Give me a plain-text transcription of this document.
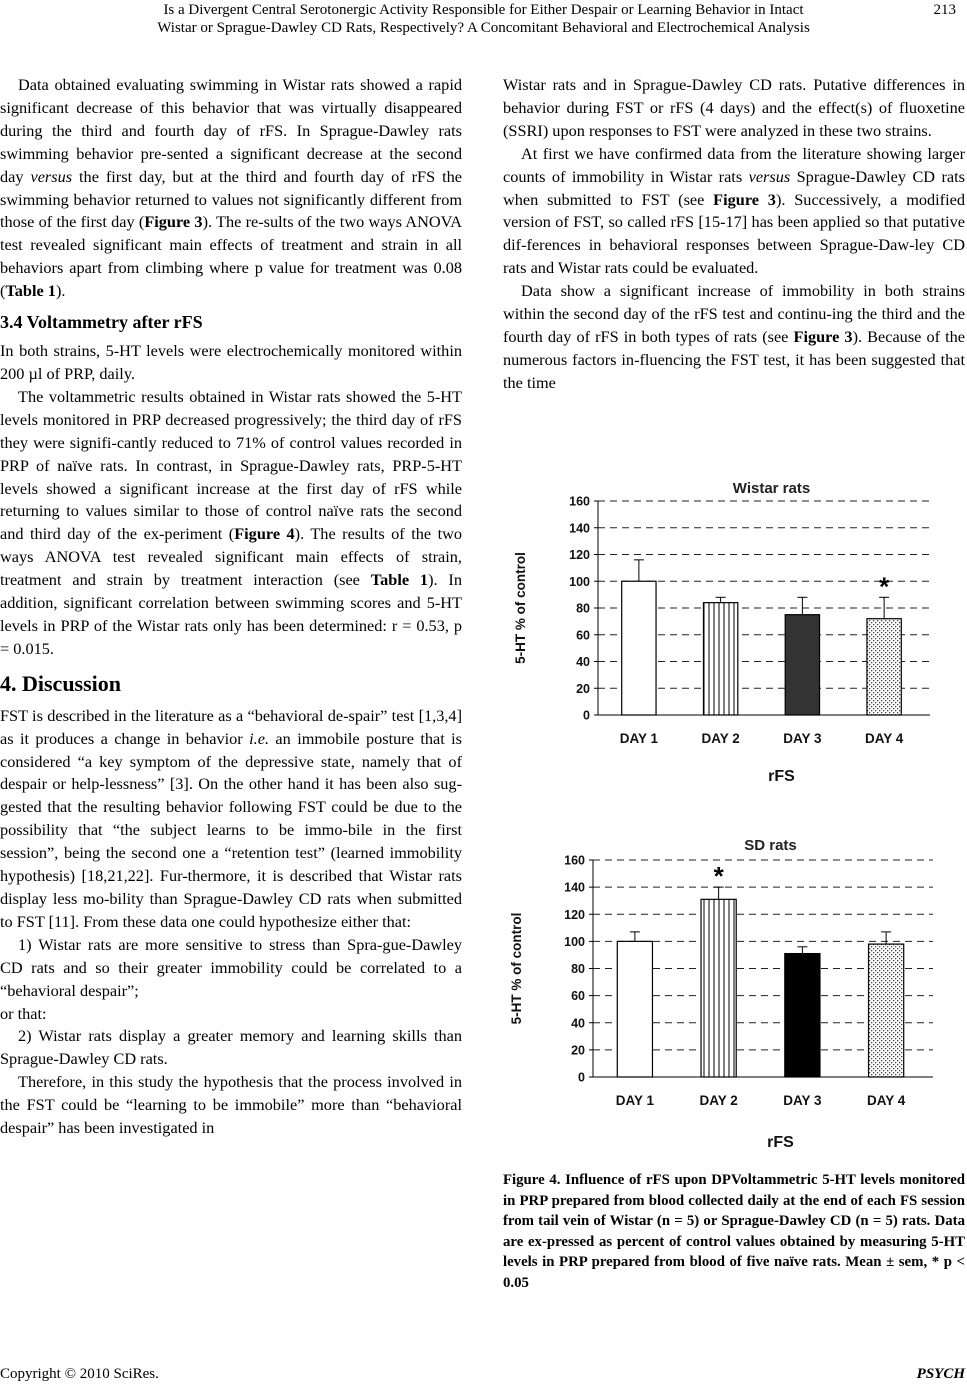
Is a Divergent Central Serotonergic Activity Responsible for Either Despair or Learning Behavior in Intact
Wistar or Sprague-Dawley CD Rats, Respectively? A Concomitant Behavioral and Electrochemical Analysis
213

Data obtained evaluating swimming in Wistar rats showed a rapid significant decrease of this behavior that was virtually disappeared during the third and fourth day of rFS. In Sprague-Dawley rats swimming behavior pre-sented a significant decrease at the second day versus the first day, but at the third and fourth day of rFS the swimming behavior returned to values not significantly different from those of the first day (Figure 3). The re-sults of the two ways ANOVA test revealed significant main effects of treatment and strain in all behaviors apart from climbing where p value for treatment was 0.08 (Table 1).

3.4 Voltammetry after rFS

In both strains, 5-HT levels were electrochemically monitored within 200 µl of PRP, daily.

The voltammetric results obtained in Wistar rats showed the 5-HT levels monitored in PRP decreased progressively; the third day of rFS they were signifi-cantly reduced to 71% of control values recorded in PRP of naïve rats. In contrast, in Sprague-Dawley rats, PRP-5-HT levels showed a significant increase at the first day of rFS while returning to values similar to those of control naïve rats the second and third day of the ex-periment (Figure 4). The results of the two ways ANOVA test revealed significant main effects of strain, treatment and strain by treatment interaction (see Table 1). In addition, significant correlation between swimming scores and 5-HT levels in PRP of the Wistar rats only has been determined: r = 0.53, p = 0.015.

4. Discussion

FST is described in the literature as a “behavioral de-spair” test [1,3,4] as it produces a change in behavior i.e. an immobile posture that is considered “a key symptom of the depressive state, namely that of despair or help-lessness” [3]. On the other hand it has been also sug-gested that the resulting behavior following FST could be due to the possibility that “the subject learns to be immo-bile in the first session”, being the second one a “retention test” (learned immobility hypothesis) [18,21,22]. Fur-thermore, it is described that Wistar rats display less mo-bility than Sprague-Dawley CD rats when submitted to FST [11]. From these data one could hypothesize either that:

1) Wistar rats are more sensitive to stress than Spra-gue-Dawley CD rats and so their greater immobility could be correlated to a “behavioral despair”;

or that:

2) Wistar rats display a greater memory and learning skills than Sprague-Dawley CD rats.

Therefore, in this study the hypothesis that the process involved in the FST could be “learning to be immobile” more than “behavioral despair” has been investigated in

Wistar rats and in Sprague-Dawley CD rats. Putative differences in behavior during FST or rFS (4 days) and the effect(s) of fluoxetine (SSRI) upon responses to FST were analyzed in these two strains.

At first we have confirmed data from the literature showing larger counts of immobility in Wistar rats versus Sprague-Dawley CD rats when submitted to FST (see Figure 3). Successively, a modified version of FST, so called rFS [15-17] has been applied so that putative dif-ferences in behavioral responses between Sprague-Daw-ley CD rats and Wistar rats could be evaluated.

Data show a significant increase of immobility in both strains within the second day of the rFS test and continu-ing the third and the fourth day of rFS in both types of rats (see Figure 3). Because of the numerous factors in-fluencing the FST test, it has been suggested that the time

Wistar rats
0
20
40
60
80
100
120
140
160
5-HT % of control
DAY 1	DAY 2	DAY 3
*
DAY 4
rFS
SD rats
0
20
40
60
80
100
120
140
160
5-HT % of control
DAY 1
*
DAY 2	DAY 3	DAY 4
rFS
Figure 4. Influence of rFS upon DPVoltammetric 5-HT levels monitored in PRP prepared from blood collected daily at the end of each FS session from tail vein of Wistar (n = 5) or Sprague-Dawley CD (n = 5) rats. Data are ex-pressed as percent of control values obtained by measuring 5-HT levels in PRP prepared from blood of five naïve rats. Mean ± sem, * p < 0.05
Copyright © 2010 SciRes.	PSYCH
